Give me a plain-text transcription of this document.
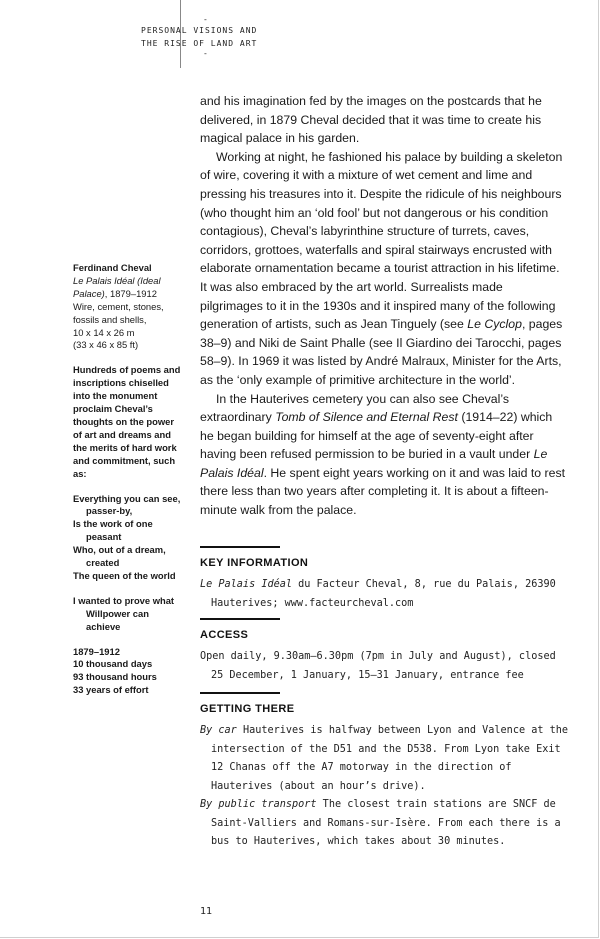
-
PERSONAL VISIONS AND
THE RISE OF LAND ART
-

and his imagination fed by the images on the postcards that he delivered, in 1879 Cheval decided that it was time to create his magical palace in his garden.

Working at night, he fashioned his palace by building a skeleton of wire, covering it with a mixture of wet cement and lime and pressing his treasures into it. Despite the ridicule of his neighbours (who thought him an ‘old fool’ but not dangerous or his condition contagious), Cheval’s labyrinthine structure of turrets, caves, corridors, grottoes, waterfalls and spiral stairways encrusted with elaborate ornamentation became a tourist attraction in his lifetime. It was also embraced by the art world. Surrealists made pilgrimages to it in the 1930s and it inspired many of the following generation of artists, such as Jean Tinguely (see Le Cyclop, pages 38–9) and Niki de Saint Phalle (see Il Giardino dei Tarocchi, pages 58–9). In 1969 it was listed by André Malraux, Minister for the Arts, as the ‘only example of primitive architecture in the world’.

In the Hauterives cemetery you can also see Cheval’s extraordinary Tomb of Silence and Eternal Rest (1914–22) which he began building for himself at the age of seventy-eight after having been refused permission to be buried in a vault under Le Palais Idéal. He spent eight years working on it and was laid to rest there less than two years after completing it. It is about a fifteen-minute walk from the palace.

Ferdinand Cheval
Le Palais Idéal (Ideal Palace), 1879–1912
Wire, cement, stones, fossils and shells,
10 x 14 x 26 m
(33 x 46 x 85 ft)
Hundreds of poems and inscriptions chiselled into the monument proclaim Cheval’s thoughts on the power of art and dreams and the merits of hard work and commitment, such as:
Everything you can see,
passer-by,
Is the work of one
peasant
Who, out of a dream,
created
The queen of the world
I wanted to prove what
Willpower can achieve
1879–1912
10 thousand days
93 thousand hours
33 years of effort
KEY INFORMATION

Le Palais Idéal du Facteur Cheval, 8, rue du Palais, 26390 Hauterives; www.facteurcheval.com

ACCESS

Open daily, 9.30am–6.30pm (7pm in July and August), closed 25 December, 1 January, 15–31 January, entrance fee

GETTING THERE

By car Hauterives is halfway between Lyon and Valence at the intersection of the D51 and the D538. From Lyon take Exit 12 Chanas off the A7 motorway in the direction of Hauterives (about an hour’s drive).

By public transport The closest train stations are SNCF de Saint-Valliers and Romans-sur-Isère. From each there is a bus to Hauterives, which takes about 30 minutes.

11
